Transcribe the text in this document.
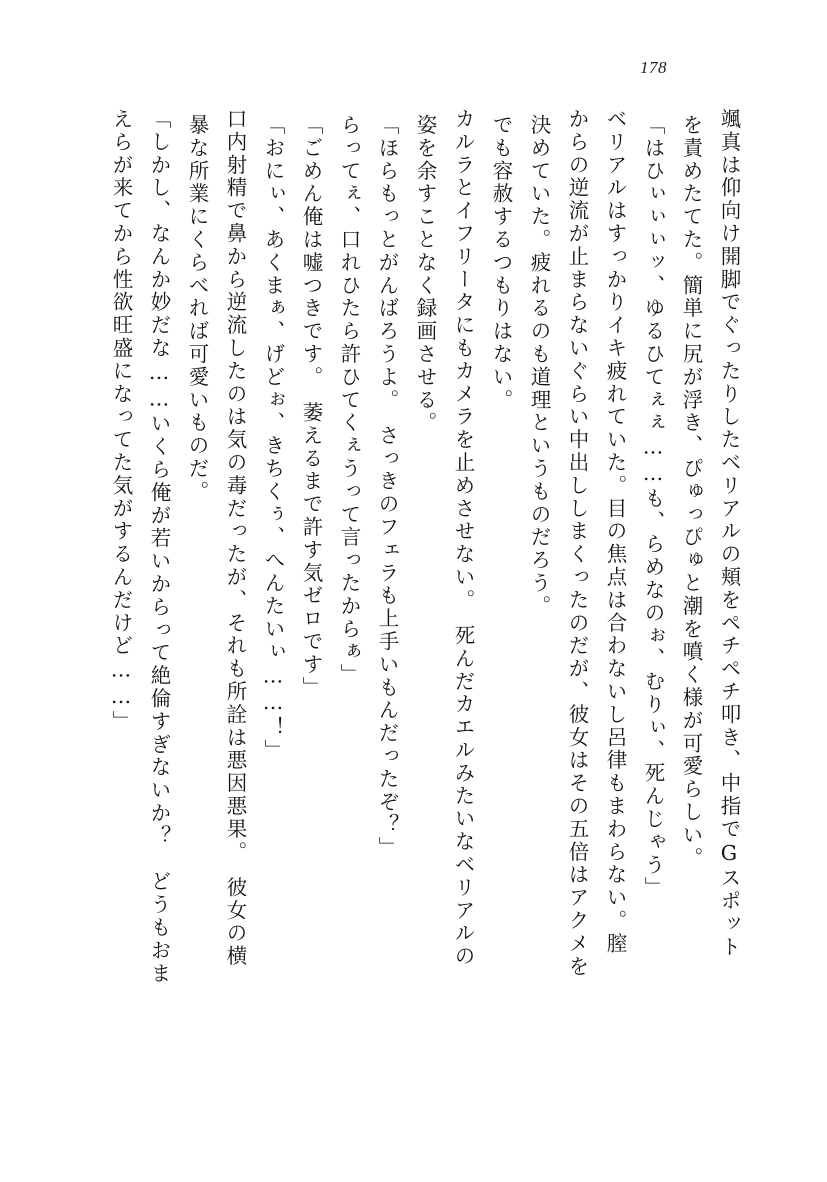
178
颯真は仰向け開脚でぐったりしたベリアルの頬をペチペチ叩き、中指でGスポット
を責めたてた。簡単に尻が浮き、ぴゅっぴゅと潮を噴く様が可愛らしい。
「はひぃぃぃッ、ゆるひてぇぇ……も、らめなのぉ、むりぃ、死んじゃう」
ベリアルはすっかりイキ疲れていた。目の焦点は合わないし呂律もまわらない。膣
からの逆流が止まらないぐらい中出ししまくったのだが、彼女はその五倍はアクメを
決めていた。疲れるのも道理というものだろう。
でも容赦するつもりはない。
カルラとイフリータにもカメラを止めさせない。　死んだカエルみたいなベリアルの
姿を余すことなく録画させる。
「ほらもっとがんばろうよ。　さっきのフェラも上手いもんだったぞ？」
らってぇ、口れひたら許ひてくぇうって言ったからぁ」
「ごめん俺は嘘つきです。　萎えるまで許す気ゼロです」
「おにぃ、あくまぁ、げどぉ、きちくぅ、へんたいぃ……！」
口内射精で鼻から逆流したのは気の毒だったが、それも所詮は悪因悪果。　彼女の横
暴な所業にくらべれば可愛いものだ。
「しかし、なんか妙だな……いくら俺が若いからって絶倫すぎないか？　どうもおま
えらが来てから性欲旺盛になってた気がするんだけど……」
